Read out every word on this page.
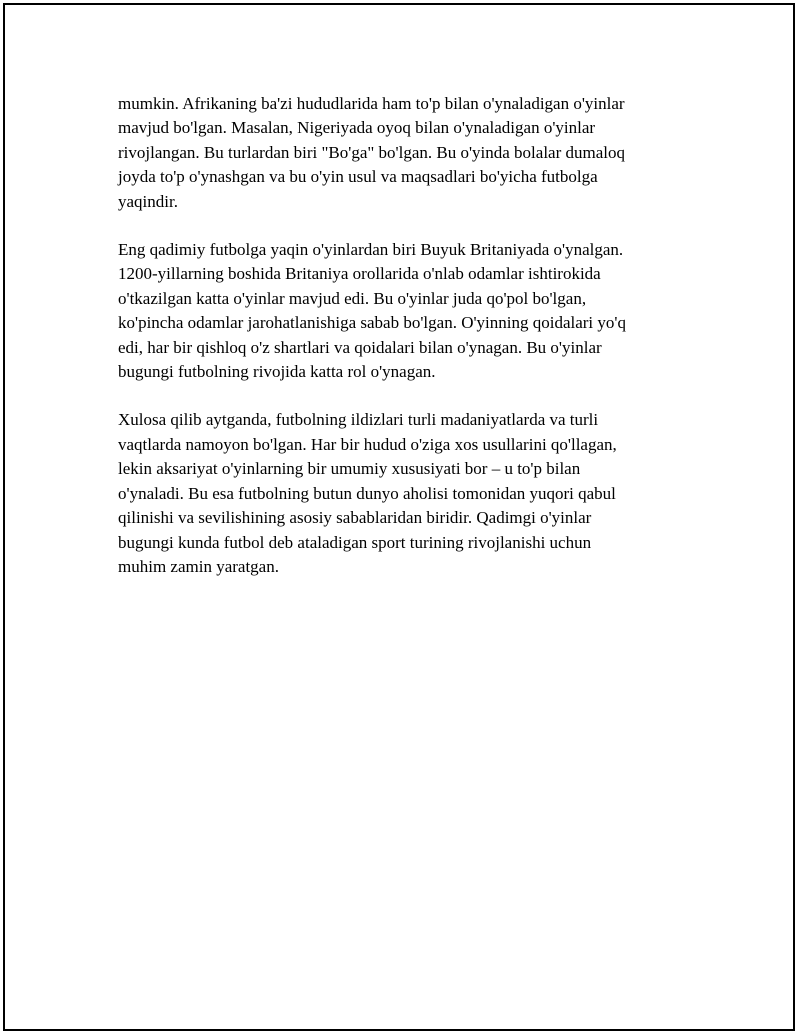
mumkin. Afrikaning ba'zi hududlarida ham to'p bilan o'ynaladigan o'yinlar
mavjud bo'lgan. Masalan, Nigeriyada oyoq bilan o'ynaladigan o'yinlar
rivojlangan. Bu turlardan biri "Bo'ga" bo'lgan. Bu o'yinda bolalar dumaloq
joyda to'p o'ynashgan va bu o'yin usul va maqsadlari bo'yicha futbolga
yaqindir.

Eng qadimiy futbolga yaqin o'yinlardan biri Buyuk Britaniyada o'ynalgan.
1200-yillarning boshida Britaniya orollarida o'nlab odamlar ishtirokida
o'tkazilgan katta o'yinlar mavjud edi. Bu o'yinlar juda qo'pol bo'lgan,
ko'pincha odamlar jarohatlanishiga sabab bo'lgan. O'yinning qoidalari yo'q
edi, har bir qishloq o'z shartlari va qoidalari bilan o'ynagan. Bu o'yinlar
bugungi futbolning rivojida katta rol o'ynagan.

Xulosa qilib aytganda, futbolning ildizlari turli madaniyatlarda va turli
vaqtlarda namoyon bo'lgan. Har bir hudud o'ziga xos usullarini qo'llagan,
lekin aksariyat o'yinlarning bir umumiy xususiyati bor – u to'p bilan
o'ynaladi. Bu esa futbolning butun dunyo aholisi tomonidan yuqori qabul
qilinishi va sevilishining asosiy sabablaridan biridir. Qadimgi o'yinlar
bugungi kunda futbol deb ataladigan sport turining rivojlanishi uchun
muhim zamin yaratgan.
